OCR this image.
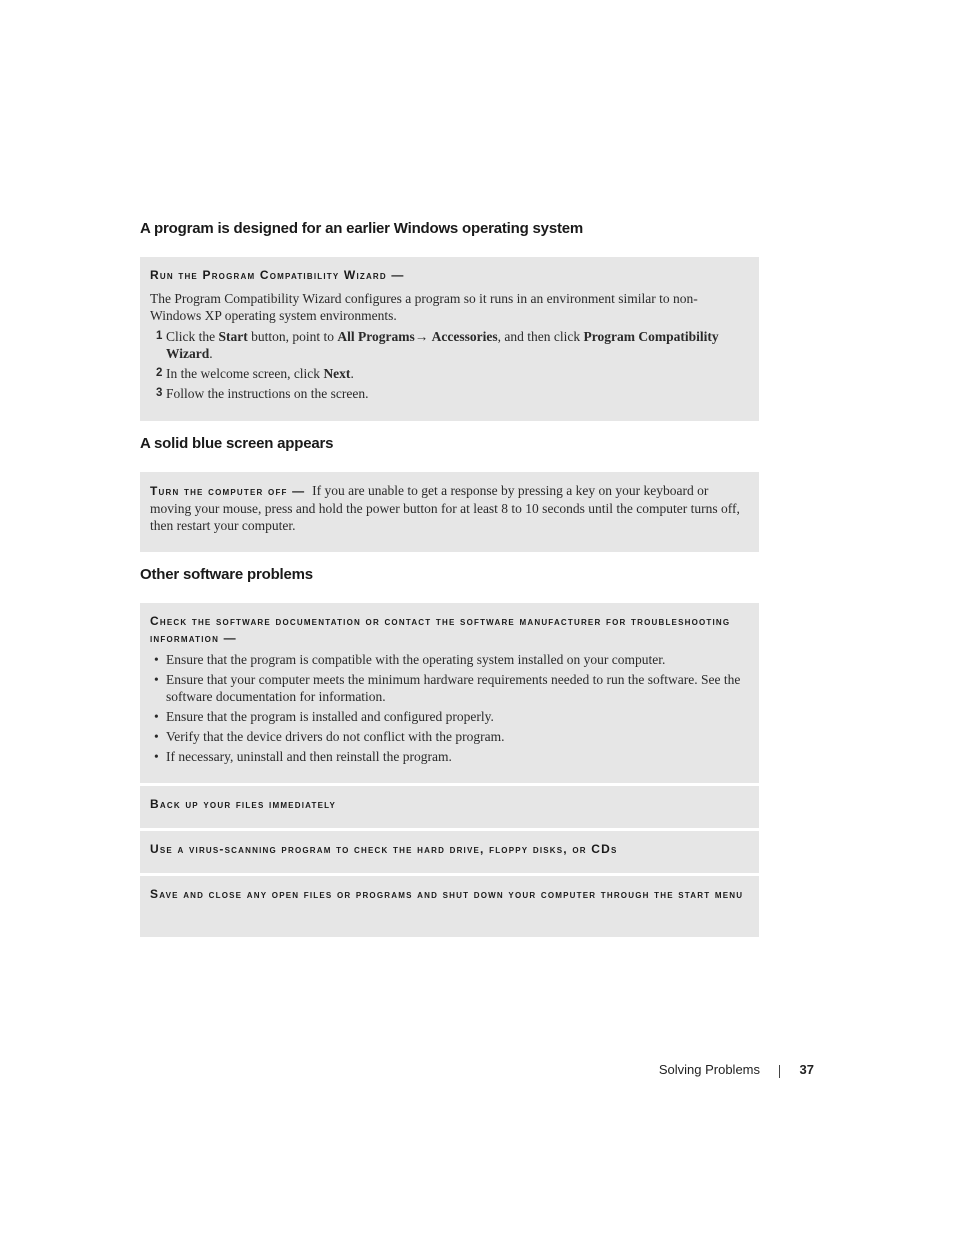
A program is designed for an earlier Windows operating system
Run the Program Compatibility Wizard —

The Program Compatibility Wizard configures a program so it runs in an environment similar to non-Windows XP operating system environments.

1 Click the Start button, point to All Programs→ Accessories, and then click Program Compatibility Wizard.
2 In the welcome screen, click Next.
3 Follow the instructions on the screen.
A solid blue screen appears
Turn the computer off — If you are unable to get a response by pressing a key on your keyboard or moving your mouse, press and hold the power button for at least 8 to 10 seconds until the computer turns off, then restart your computer.
Other software problems
Check the software documentation or contact the software manufacturer for troubleshooting information —
• Ensure that the program is compatible with the operating system installed on your computer.
• Ensure that your computer meets the minimum hardware requirements needed to run the software. See the software documentation for information.
• Ensure that the program is installed and configured properly.
• Verify that the device drivers do not conflict with the program.
• If necessary, uninstall and then reinstall the program.
Back up your files immediately
Use a virus-scanning program to check the hard drive, floppy disks, or CDs
Save and close any open files or programs and shut down your computer through the start menu
Solving Problems	37
